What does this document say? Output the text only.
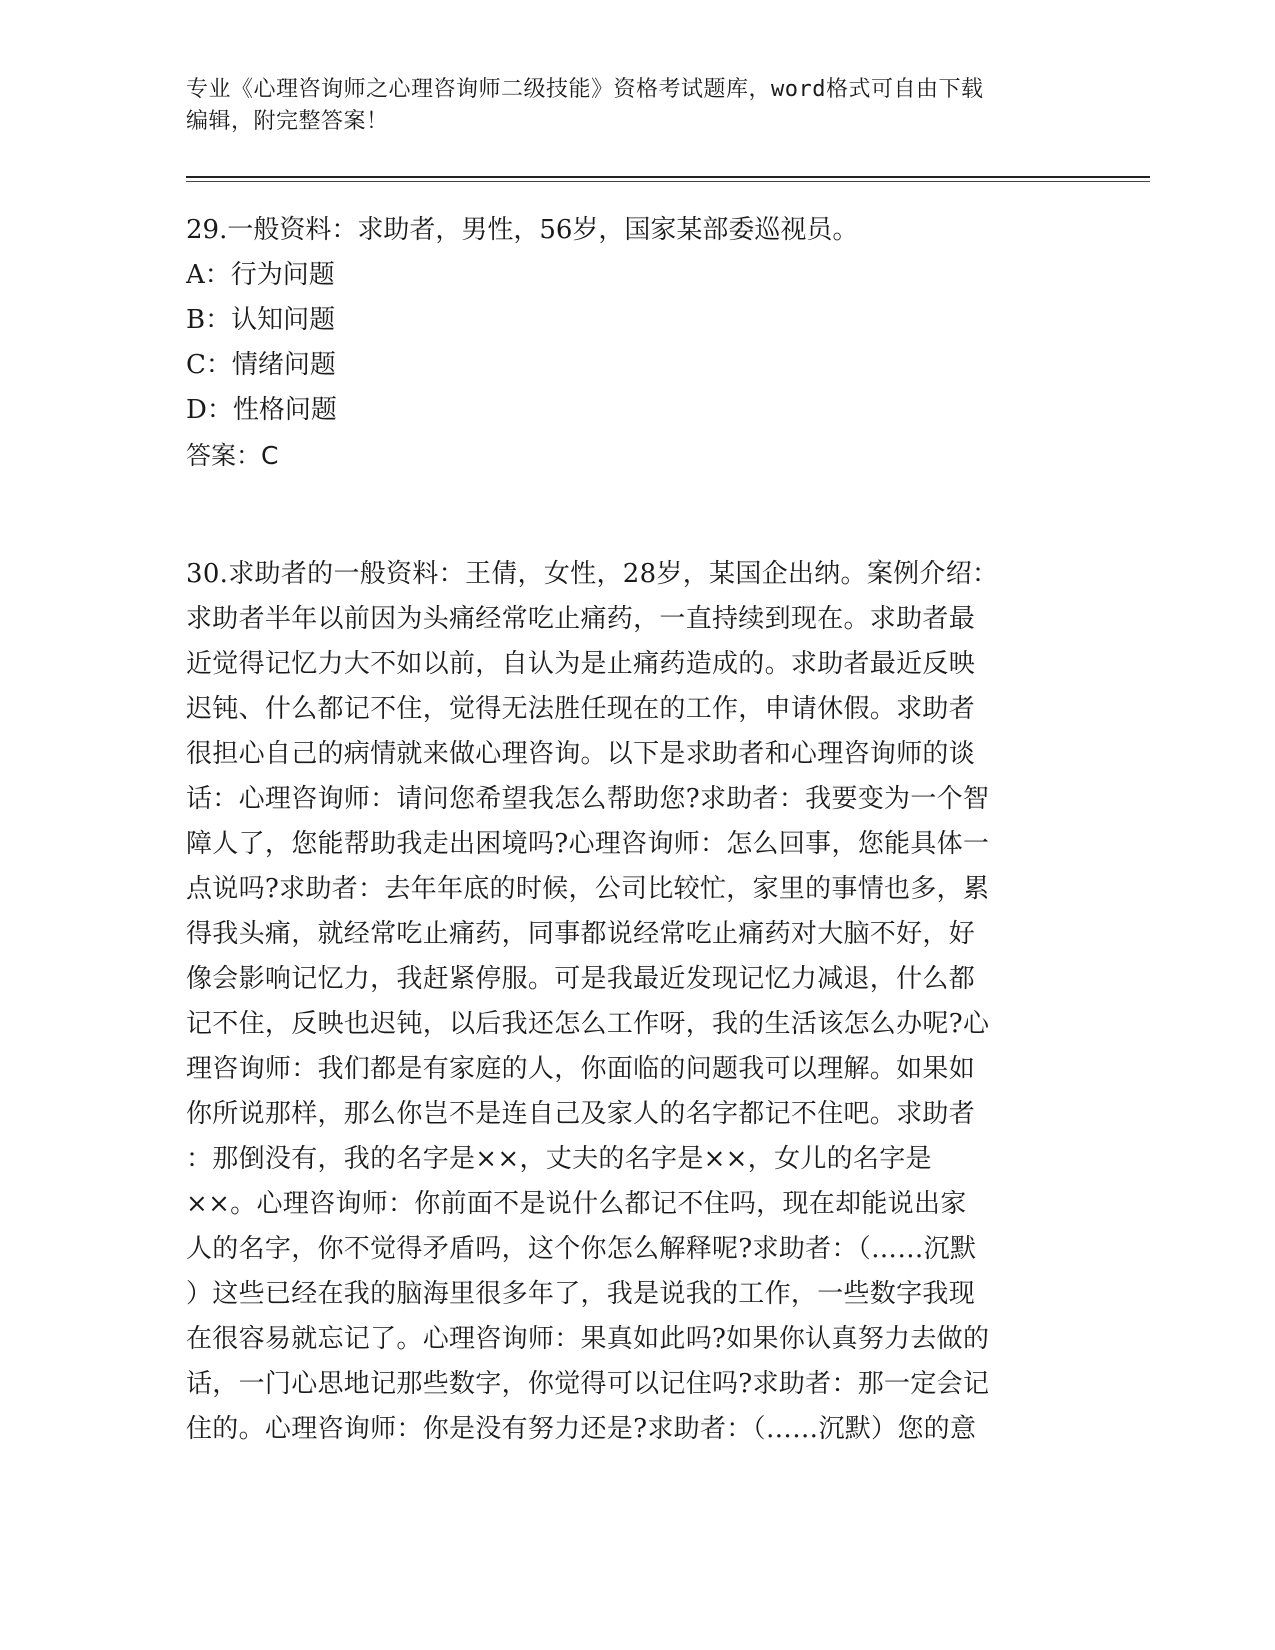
专业《心理咨询师之心理咨询师二级技能》资格考试题库，word格式可自由下载
编辑，附完整答案！
29.一般资料：求助者，男性，56岁，国家某部委巡视员。
A：行为问题
B：认知问题
C：情绪问题
D：性格问题
答案：C
30.求助者的一般资料：王倩，女性，28岁，某国企出纳。案例介绍：
求助者半年以前因为头痛经常吃止痛药，一直持续到现在。求助者最
近觉得记忆力大不如以前，自认为是止痛药造成的。求助者最近反映
迟钝、什么都记不住，觉得无法胜任现在的工作，申请休假。求助者
很担心自己的病情就来做心理咨询。以下是求助者和心理咨询师的谈
话：心理咨询师：请问您希望我怎么帮助您?求助者：我要变为一个智
障人了，您能帮助我走出困境吗?心理咨询师：怎么回事，您能具体一
点说吗?求助者：去年年底的时候，公司比较忙，家里的事情也多，累
得我头痛，就经常吃止痛药，同事都说经常吃止痛药对大脑不好，好
像会影响记忆力，我赶紧停服。可是我最近发现记忆力减退，什么都
记不住，反映也迟钝，以后我还怎么工作呀，我的生活该怎么办呢?心
理咨询师：我们都是有家庭的人，你面临的问题我可以理解。如果如
你所说那样，那么你岂不是连自己及家人的名字都记不住吧。求助者
：那倒没有，我的名字是××，丈夫的名字是××，女儿的名字是
××。心理咨询师：你前面不是说什么都记不住吗，现在却能说出家
人的名字，你不觉得矛盾吗，这个你怎么解释呢?求助者：（……沉默
）这些已经在我的脑海里很多年了，我是说我的工作，一些数字我现
在很容易就忘记了。心理咨询师：果真如此吗?如果你认真努力去做的
话，一门心思地记那些数字，你觉得可以记住吗?求助者：那一定会记
住的。心理咨询师：你是没有努力还是?求助者：（……沉默）您的意
